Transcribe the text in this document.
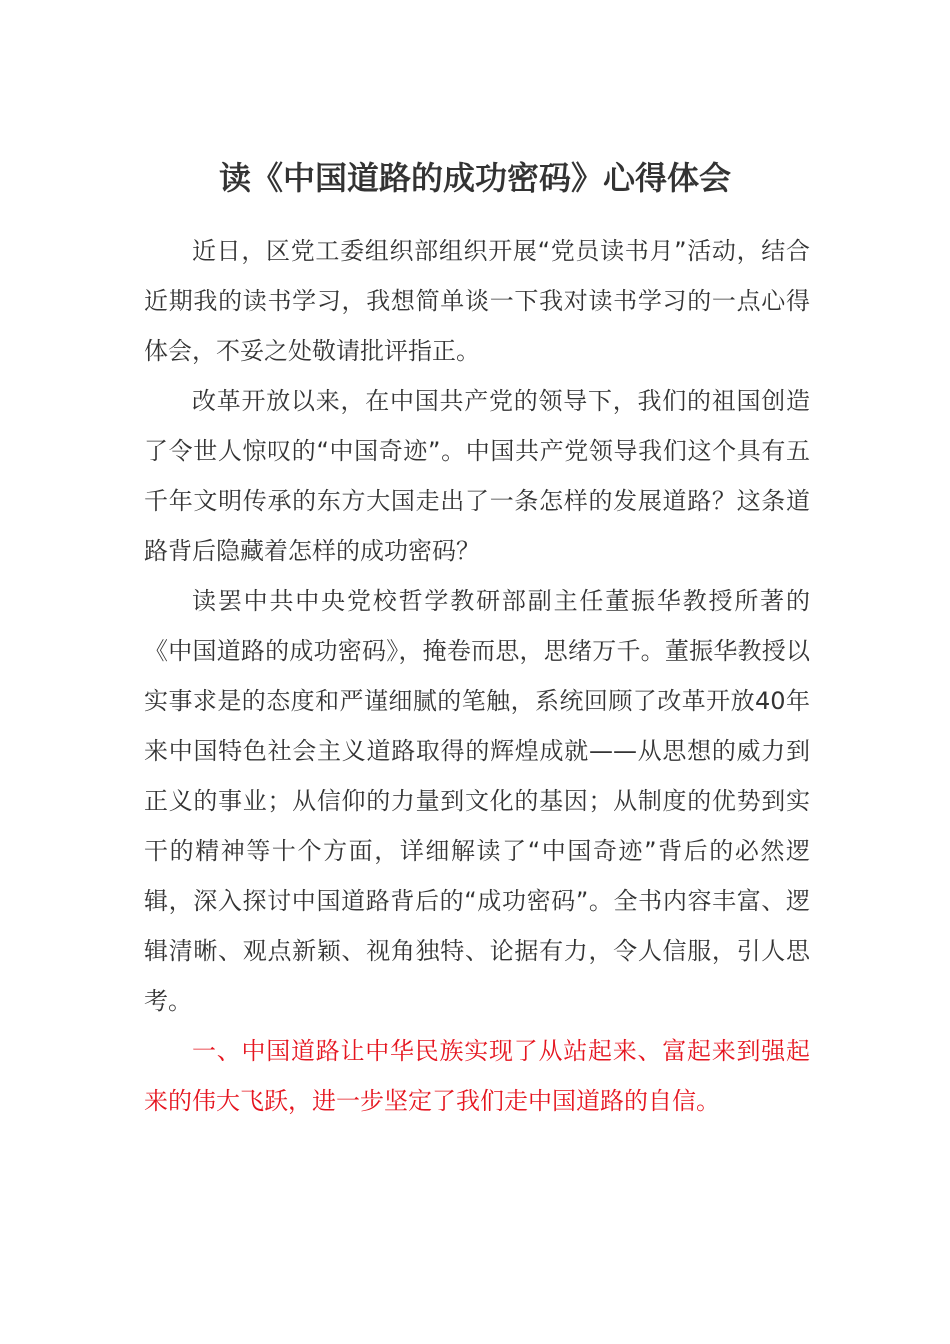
读《中国道路的成功密码》心得体会

近日，区党工委组织部组织开展“党员读书月”活动，结合近期我的读书学习，我想简单谈一下我对读书学习的一点心得体会，不妥之处敬请批评指正。

改革开放以来，在中国共产党的领导下，我们的祖国创造了令世人惊叹的“中国奇迹”。中国共产党领导我们这个具有五千年文明传承的东方大国走出了一条怎样的发展道路？这条道路背后隐藏着怎样的成功密码？

读罢中共中央党校哲学教研部副主任董振华教授所著的《中国道路的成功密码》，掩卷而思，思绪万千。董振华教授以实事求是的态度和严谨细腻的笔触，系统回顾了改革开放40年来中国特色社会主义道路取得的辉煌成就——从思想的威力到正义的事业；从信仰的力量到文化的基因；从制度的优势到实干的精神等十个方面，详细解读了“中国奇迹”背后的必然逻辑，深入探讨中国道路背后的“成功密码”。全书内容丰富、逻辑清晰、观点新颖、视角独特、论据有力，令人信服，引人思考。

一、中国道路让中华民族实现了从站起来、富起来到强起来的伟大飞跃，进一步坚定了我们走中国道路的自信。
